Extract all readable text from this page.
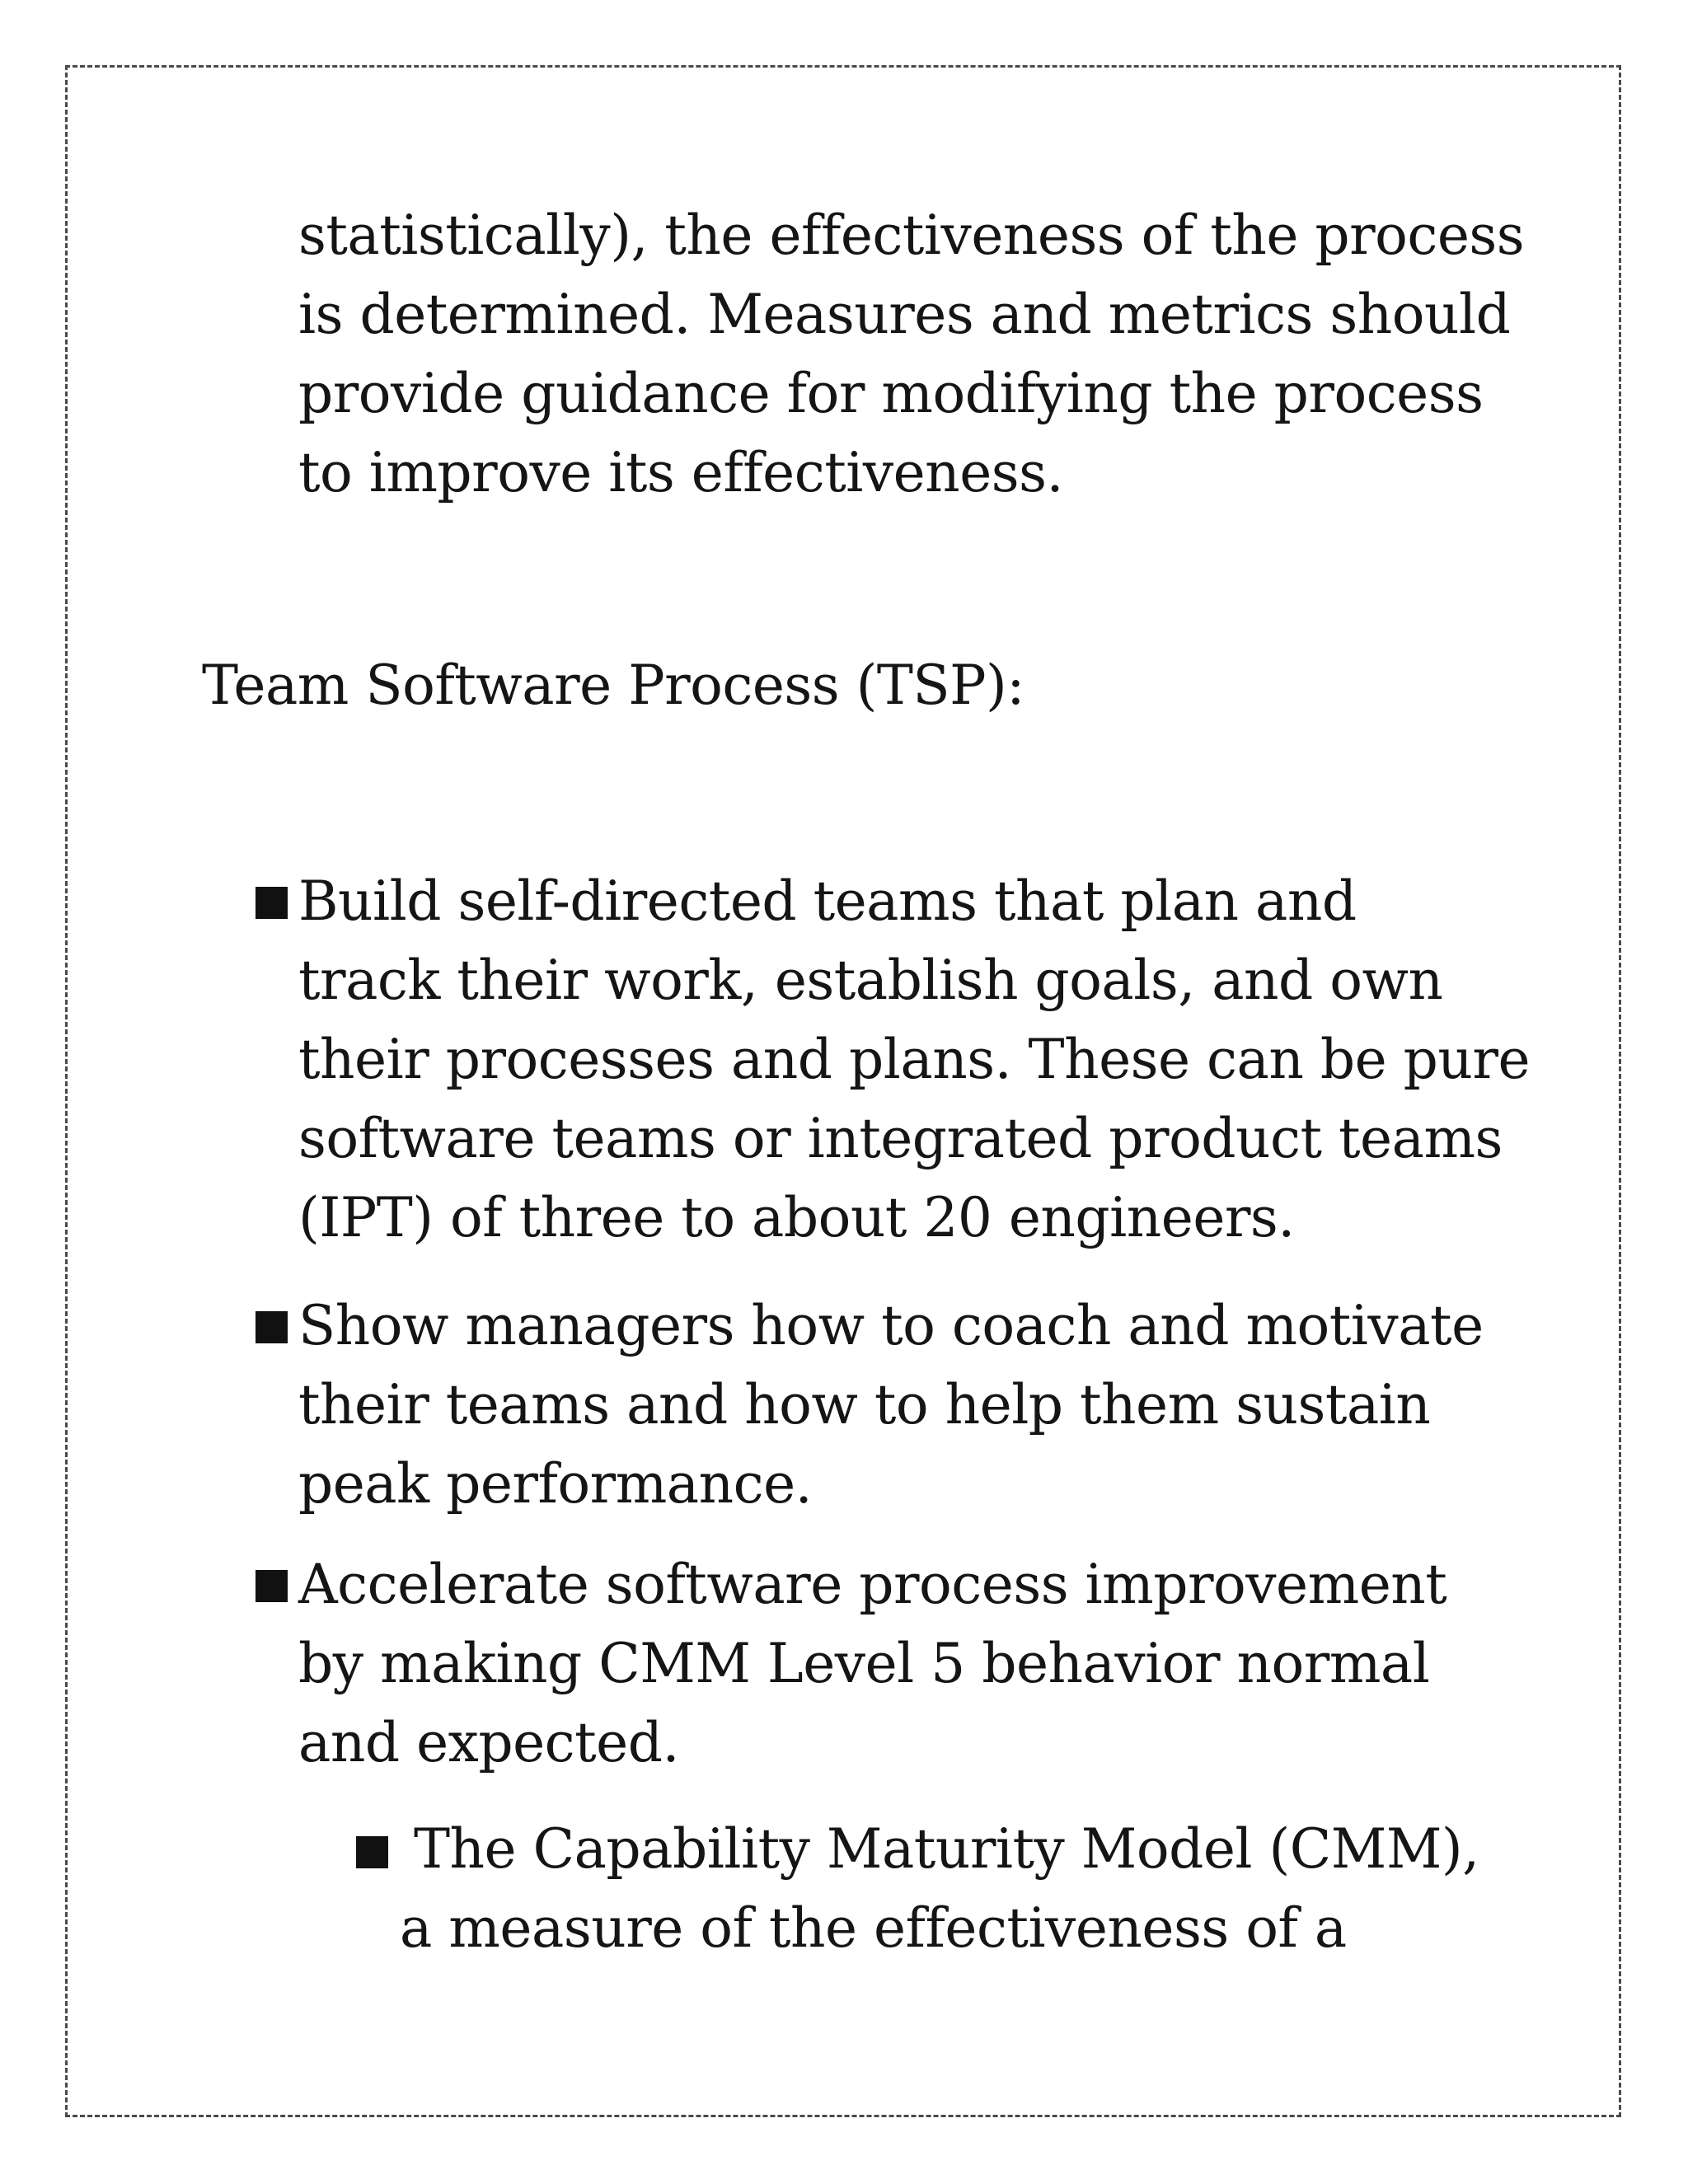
statistically), the effectiveness of the process
is determined. Measures and metrics should
provide guidance for modifying the process
to improve its effectiveness.
Team Software Process (TSP):
Build self-directed teams that plan and
track their work, establish goals, and own
their processes and plans. These can be pure
software teams or integrated product teams
(IPT) of three to about 20 engineers.
Show managers how to coach and motivate
their teams and how to help them sustain
peak performance.
Accelerate software process improvement
by making CMM Level 5 behavior normal
and expected.
The Capability Maturity Model (CMM),
a measure of the effectiveness of a
